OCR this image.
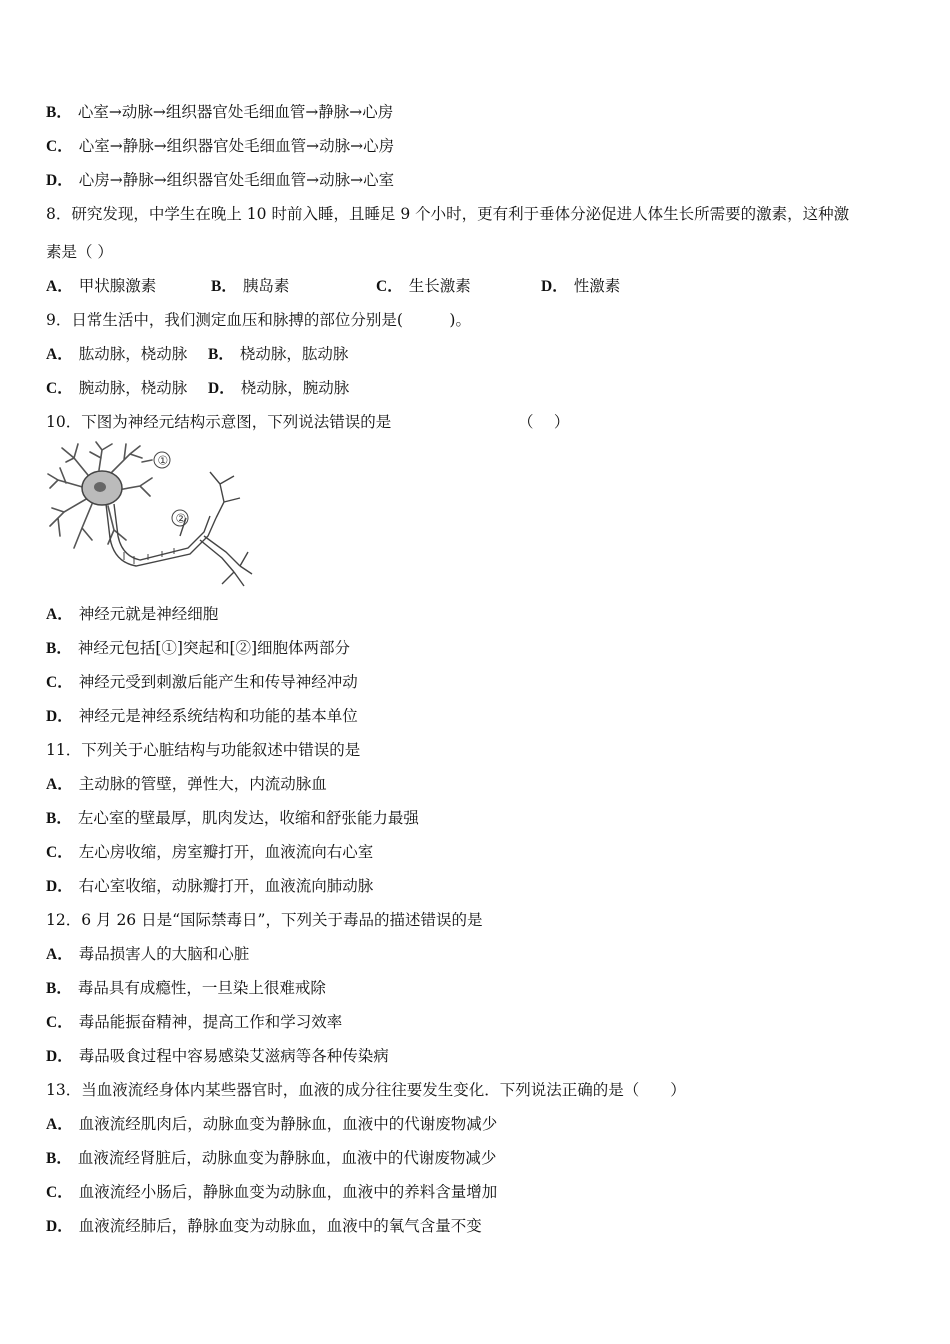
B． 心室→动脉→组织器官处毛细血管→静脉→心房
C． 心室→静脉→组织器官处毛细血管→动脉→心房
D． 心房→静脉→组织器官处毛细血管→动脉→心室
8．研究发现，中学生在晚上 10 时前入睡，且睡足 9 个小时，更有利于垂体分泌促进人体生长所需要的激素，这种激
素是（ ）
A． 甲状腺激素	B． 胰岛素	C． 生长激素	D． 性激素
9．日常生活中，我们测定血压和脉搏的部位分别是(　　　)。
A． 肱动脉，桡动脉 B． 桡动脉，肱动脉
C． 腕动脉，桡动脉 D． 桡动脉，腕动脉
10．下图为神经元结构示意图，下列说法错误的是	（　 ）
①
②
A． 神经元就是神经细胞
B． 神经元包括[①]突起和[②]细胞体两部分
C． 神经元受到刺激后能产生和传导神经冲动
D． 神经元是神经系统结构和功能的基本单位
11．下列关于心脏结构与功能叙述中错误的是
A． 主动脉的管壁，弹性大，内流动脉血
B． 左心室的壁最厚，肌肉发达，收缩和舒张能力最强
C． 左心房收缩，房室瓣打开，血液流向右心室
D． 右心室收缩，动脉瓣打开，血液流向肺动脉
12．6 月 26 日是“国际禁毒日”，下列关于毒品的描述错误的是
A． 毒品损害人的大脑和心脏
B． 毒品具有成瘾性，一旦染上很难戒除
C． 毒品能振奋精神，提高工作和学习效率
D． 毒品吸食过程中容易感染艾滋病等各种传染病
13．当血液流经身体内某些器官时，血液的成分往往要发生变化．下列说法正确的是（　　）
A． 血液流经肌肉后，动脉血变为静脉血，血液中的代谢废物减少
B． 血液流经肾脏后，动脉血变为静脉血，血液中的代谢废物减少
C． 血液流经小肠后，静脉血变为动脉血，血液中的养料含量增加
D． 血液流经肺后，静脉血变为动脉血，血液中的氧气含量不变
